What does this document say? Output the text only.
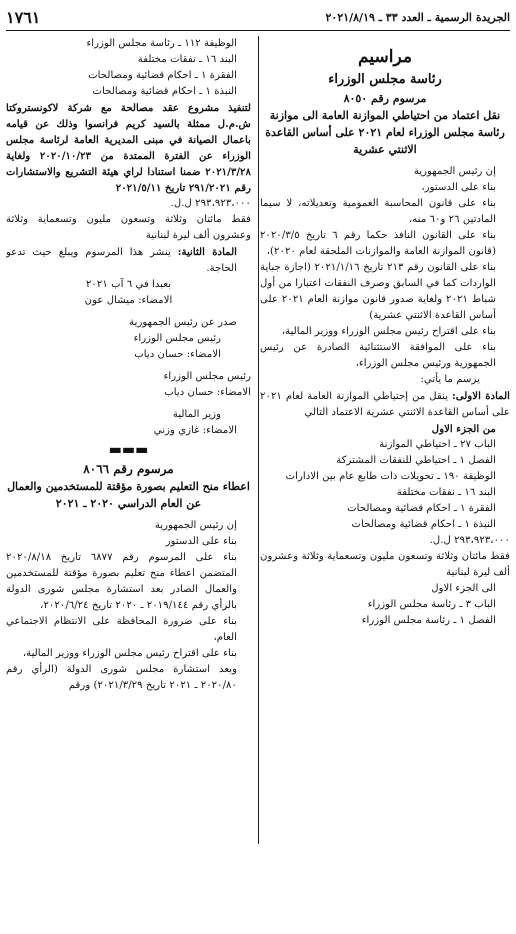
الجريدة الرسمية ـ العدد ٣٣ ـ ٢٠٢١/٨/١٩
١٧٦١
مراسيم
رئاسة مجلس الوزراء
مرسوم رقم ٨٠٥٠
نقل اعتماد من احتياطي الموازنة العامة الى موازنة رئاسة مجلس الوزراء لعام ٢٠٢١ على أساس القاعدة الاثنتي عشرية

إن رئيس الجمهورية

بناء على الدستور،

بناء على قانون المحاسبة العمومية وتعديلاته، لا سيما المادتين ٢٦ و٦٠ منه،

بناء على القانون النافذ حكما رقم ٦ تاريخ ٢٠٢٠/٣/٥ (قانون الموازنة العامة والموازنات الملحقة لعام ٢٠٢٠)،

بناء على القانون رقم ٢١٣ تاريخ ٢٠٢١/١/١٦ (اجازة جباية الواردات كما في السابق وصرف النفقات اعتبارا من أول شباط ٢٠٢١ ولغاية صدور قانون موازنة العام ٢٠٢١ على أساس القاعدة الاثنتي عشرية)

بناء على اقتراح رئيس مجلس الوزراء ووزير المالية،

بناء على الموافقة الاستثنائية الصادرة عن رئيس الجمهورية ورئيس مجلس الوزراء،

يرسم ما يأتي:

المادة الاولى: ينقل من إحتياطي الموازنة العامة لعام ٢٠٢١ على أساس القاعدة الاثنتي عشرية الاعتماد التالي

من الجزء الاول

الباب ٢٧ ـ احتياطي الموازنة

الفصل ١ ـ احتياطي للنفقات المشتركة

الوظيفة ١٩٠ ـ تحويلات ذات طابع عام بين الادارات

البند ١٦ ـ نفقات مختلفة

الفقرة ١ ـ احكام قضائية ومصالحات

النبذة ١ ـ احكام قضائية ومصالحات

٢٩٣،٩٢٣،٠٠٠ ل.ل.

فقط مائتان وثلاثة وتسعون مليون وتسعماية وثلاثة وعشرون ألف ليرة لبنانية

الى الجزء الاول

الباب ٣ ـ رئاسة مجلس الوزراء

الفصل ١ ـ رئاسة مجلس الوزراء

الوظيفة ١١٢ ـ رئاسة مجلس الوزراء

البند ١٦ ـ نفقات مختلفة

الفقرة ١ ـ احكام قضائية ومصالحات

النبذة ١ ـ احكام قضائية ومصالحات

لتنفيذ مشروع عقد مصالحة مع شركة لاكونستروكتا ش.م.ل ممثلة بالسيد كريم فرانسوا وذلك عن قيامه باعمال الصيانة في مبنى المديرية العامة لرئاسة مجلس الوزراء عن الفترة الممتدة من ٢٠٢٠/١٠/٢٣ ولغاية ٢٠٢١/٣/٢٨ ضمنا استنادا لراي هيئة التشريع والاستشارات رقم ٢٩١/٢٠٢١ تاريخ ٢٠٢١/٥/١١

٢٩٣،٩٢٣،٠٠٠ ل.ل.

فقط مائتان وثلاثة وتسعون مليون وتسعماية وثلاثة وعشرون ألف ليرة لبنانية

المادة الثانية: ينشر هذا المرسوم ويبلغ حيث تدعو الحاجة.

بعبدا في ٦ آب ٢٠٢١

الامضاء: ميشال عون

صدر عن رئيس الجمهورية

رئيس مجلس الوزراء

الامضاء: حسان دياب

رئيس مجلس الوزراء

الامضاء: حسان دياب

وزير المالية

الامضاء: غازي وزني

▬▬▬
مرسوم رقم ٨٠٦٦
اعطاء منح التعليم بصورة مؤقتة للمستخدمين والعمال عن العام الدراسي ٢٠٢٠ ـ ٢٠٢١

إن رئيس الجمهورية

بناء على الدستور

بناء على المرسوم رقم ٦٨٧٧ تاريخ ٢٠٢٠/٨/١٨ المتضمن اعطاء منح تعليم بصورة مؤقتة للمستخدمين والعمال الصادر بعد استشارة مجلس شورى الدولة بالرأي رقم ٢٠١٩/١٤٤ ـ ٢٠٢٠ تاريخ ٢٠٢٠/٦/٢٤،

بناء على ضرورة المحافظة على الانتظام الاجتماعي العام،

بناء على اقتراح رئيس مجلس الوزراء ووزير المالية،

وبعد استشارة مجلس شورى الدولة (الرأي رقم ٢٠٢٠/٨٠ ـ ٢٠٢١ تاريخ ٢٠٢١/٣/٢٩) ورقم
